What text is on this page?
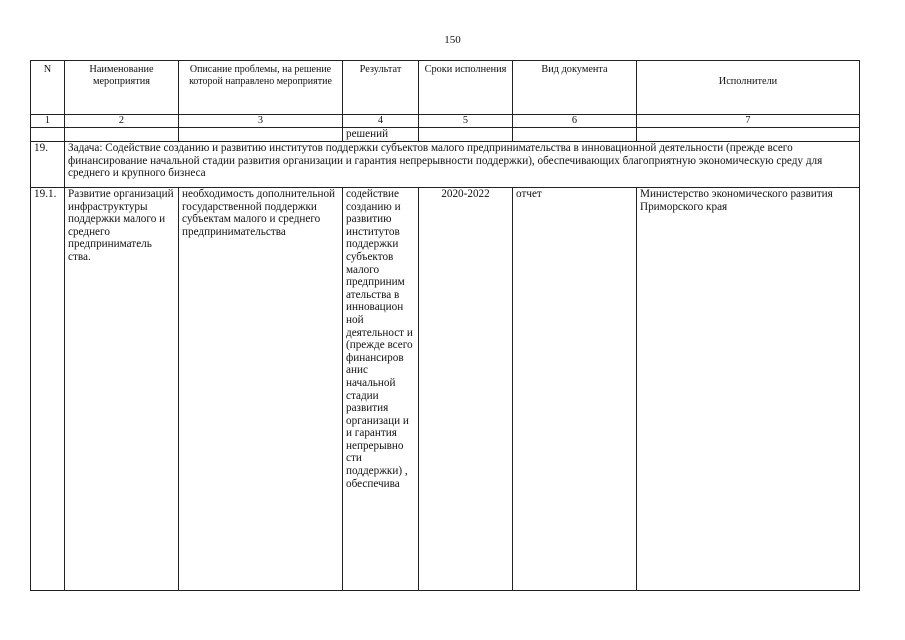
150
N	Наименование мероприятия	Описание проблемы, на решение которой направлено мероприятие	Результат	Сроки исполнения	Вид документа	Исполнители
1	2	3	4	5	6	7
			решений			
19.	Задача: Содействие созданию и развитию институтов поддержки субъектов малого предпринимательства в инновационной деятельности (прежде всего финансирование начальной стадии развития организации и гарантия непрерывности поддержки), обеспечивающих благоприятную экономическую среду для среднего и крупного бизнеса					
19.1.	Развитие организаций инфраструктуры поддержки малого и среднего предприниматель ства.	необходимость дополнительной государственной поддержки субъектам малого и среднего предпринимательства	содействие созданию и развитию институтов поддержки субъектов малого предприним ательства в инновацион ной деятельност и (прежде всего финансиров анис начальной стадии развития организаци и и гарантия непрерывно сти поддержки) , обеспечива	2020-2022	отчет	Министерство экономического развития Приморского края
